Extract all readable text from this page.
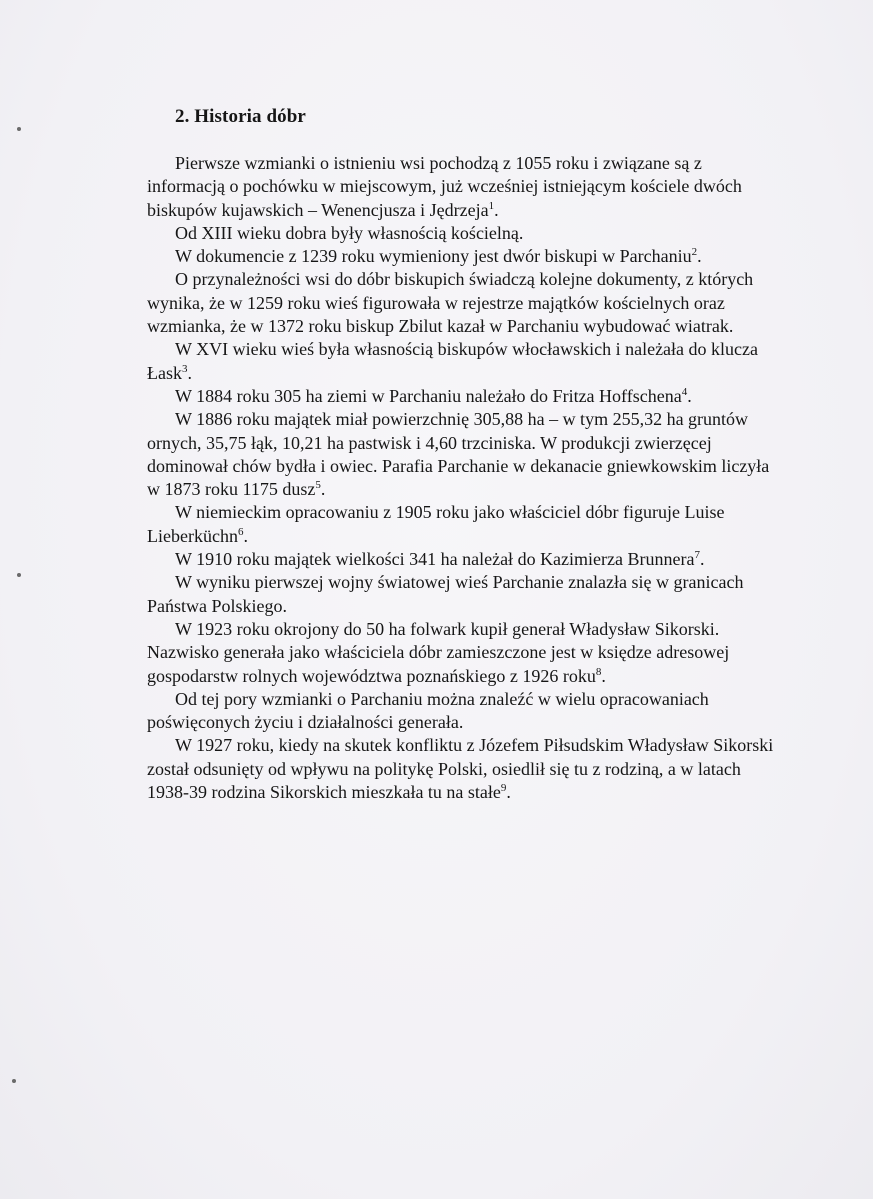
2. Historia dóbr

Pierwsze wzmianki o istnieniu wsi pochodzą z 1055 roku i związane są z informacją o pochówku w miejscowym, już wcześniej istniejącym kościele dwóch biskupów kujawskich – Wenencjusza i Jędrzeja$^1$.

Od XIII wieku dobra były własnością kościelną.

W dokumencie z 1239 roku wymieniony jest dwór biskupi w Parchaniu$^2$.

O przynależności wsi do dóbr biskupich świadczą kolejne dokumenty, z których wynika, że w 1259 roku wieś figurowała w rejestrze majątków kościelnych oraz wzmianka, że w 1372 roku biskup Zbilut kazał w Parchaniu wybudować wiatrak.

W XVI wieku wieś była własnością biskupów włocławskich i należała do klucza Łask$^3$.

W 1884 roku 305 ha ziemi w Parchaniu należało do Fritza Hoffschena$^4$.

W 1886 roku majątek miał powierzchnię 305,88 ha – w tym 255,32 ha gruntów ornych, 35,75 łąk, 10,21 ha pastwisk i 4,60 trzciniska. W produkcji zwierzęcej dominował chów bydła i owiec. Parafia Parchanie w dekanacie gniewkowskim liczyła w 1873 roku 1175 dusz$^5$.

W niemieckim opracowaniu z 1905 roku jako właściciel dóbr figuruje Luise Lieberküchn$^6$.

W 1910 roku majątek wielkości 341 ha należał do Kazimierza Brunnera$^7$.

W wyniku pierwszej wojny światowej wieś Parchanie znalazła się w granicach Państwa Polskiego.

W 1923 roku okrojony do 50 ha folwark kupił generał Władysław Sikorski. Nazwisko generała jako właściciela dóbr zamieszczone jest w księdze adresowej gospodarstw rolnych województwa poznańskiego z 1926 roku$^8$.

Od tej pory wzmianki o Parchaniu można znaleźć w wielu opracowaniach poświęconych życiu i działalności generała.

W 1927 roku, kiedy na skutek konfliktu z Józefem Piłsudskim Władysław Sikorski został odsunięty od wpływu na politykę Polski, osiedlił się tu z rodziną, a w latach 1938-39 rodzina Sikorskich mieszkała tu na stałe$^9$.
